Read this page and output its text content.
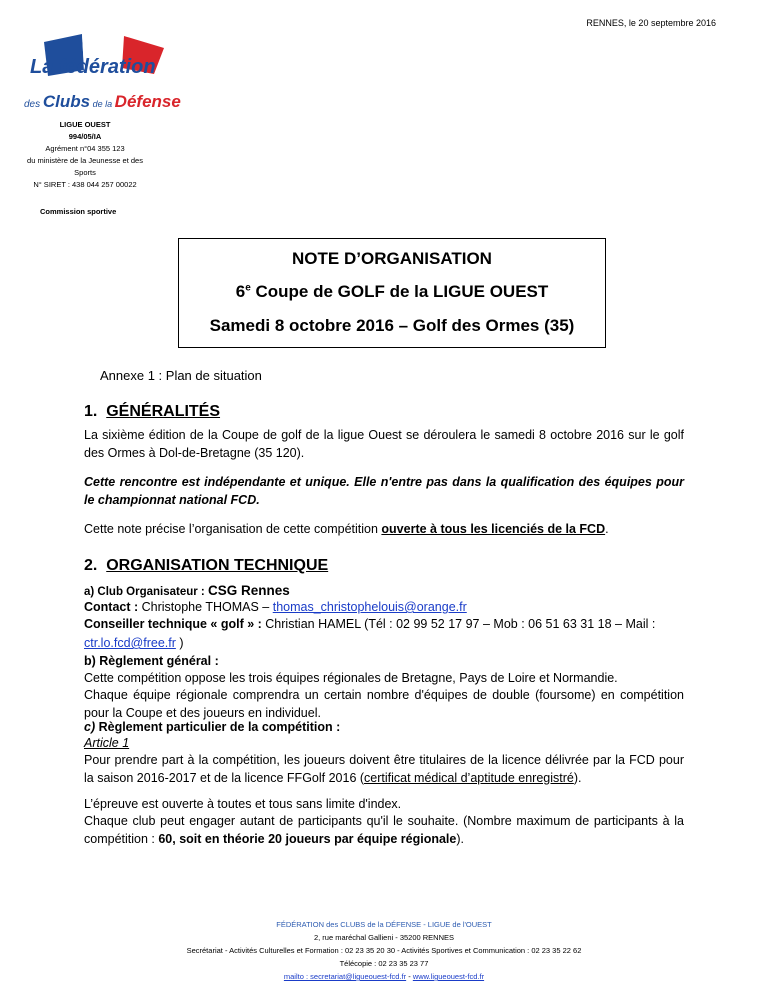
RENNES, le 20 septembre 2016
La fédération
des Clubs de la Défense
LIGUE OUEST
994/05/IA
Agrément n°04 355 123
du ministère de la Jeunesse et des
Sports
N° SIRET : 438 044 257 00022
Commission sportive
NOTE D’ORGANISATION
6e Coupe de GOLF de la LIGUE OUEST
Samedi 8 octobre 2016 – Golf des Ormes (35)
Annexe 1 : Plan de situation
1. GÉNÉRALITÉS
La sixième édition de la Coupe de golf de la ligue Ouest se déroulera le samedi 8 octobre 2016 sur le golf des Ormes à Dol-de-Bretagne (35 120).
Cette rencontre est indépendante et unique. Elle n'entre pas dans la qualification des équipes pour le championnat national FCD.
Cette note précise l’organisation de cette compétition ouverte à tous les licenciés de la FCD.
2. ORGANISATION TECHNIQUE
a) Club Organisateur : CSG Rennes
Contact : Christophe THOMAS – thomas_christophelouis@orange.fr
Conseiller technique « golf » : Christian HAMEL (Tél : 02 99 52 17 97 – Mob : 06 51 63 31 18 – Mail :
ctr.lo.fcd@free.fr )
b) Règlement général :
Cette compétition oppose les trois équipes régionales de Bretagne, Pays de Loire et Normandie.
Chaque équipe régionale comprendra un certain nombre d'équipes de double (foursome) en compétition pour la Coupe et des joueurs en individuel.
c) Règlement particulier de la compétition :
Article 1
Pour prendre part à la compétition, les joueurs doivent être titulaires de la licence délivrée par la FCD pour la saison 2016-2017 et de la licence FFGolf 2016 (certificat médical d’aptitude enregistré).
L’épreuve est ouverte à toutes et tous sans limite d'index.
Chaque club peut engager autant de participants qu'il le souhaite. (Nombre maximum de participants à la compétition : 60, soit en théorie 20 joueurs par équipe régionale).
FÉDÉRATION des CLUBS de la DÉFENSE - LIGUE de l'OUEST
2, rue maréchal Gallieni - 35200 RENNES
Secrétariat - Activités Culturelles et Formation : 02 23 35 20 30 - Activités Sportives et Communication : 02 23 35 22 62
Télécopie : 02 23 35 23 77
mailto : secretariat@ligueouest-fcd.fr - www.ligueouest-fcd.fr
